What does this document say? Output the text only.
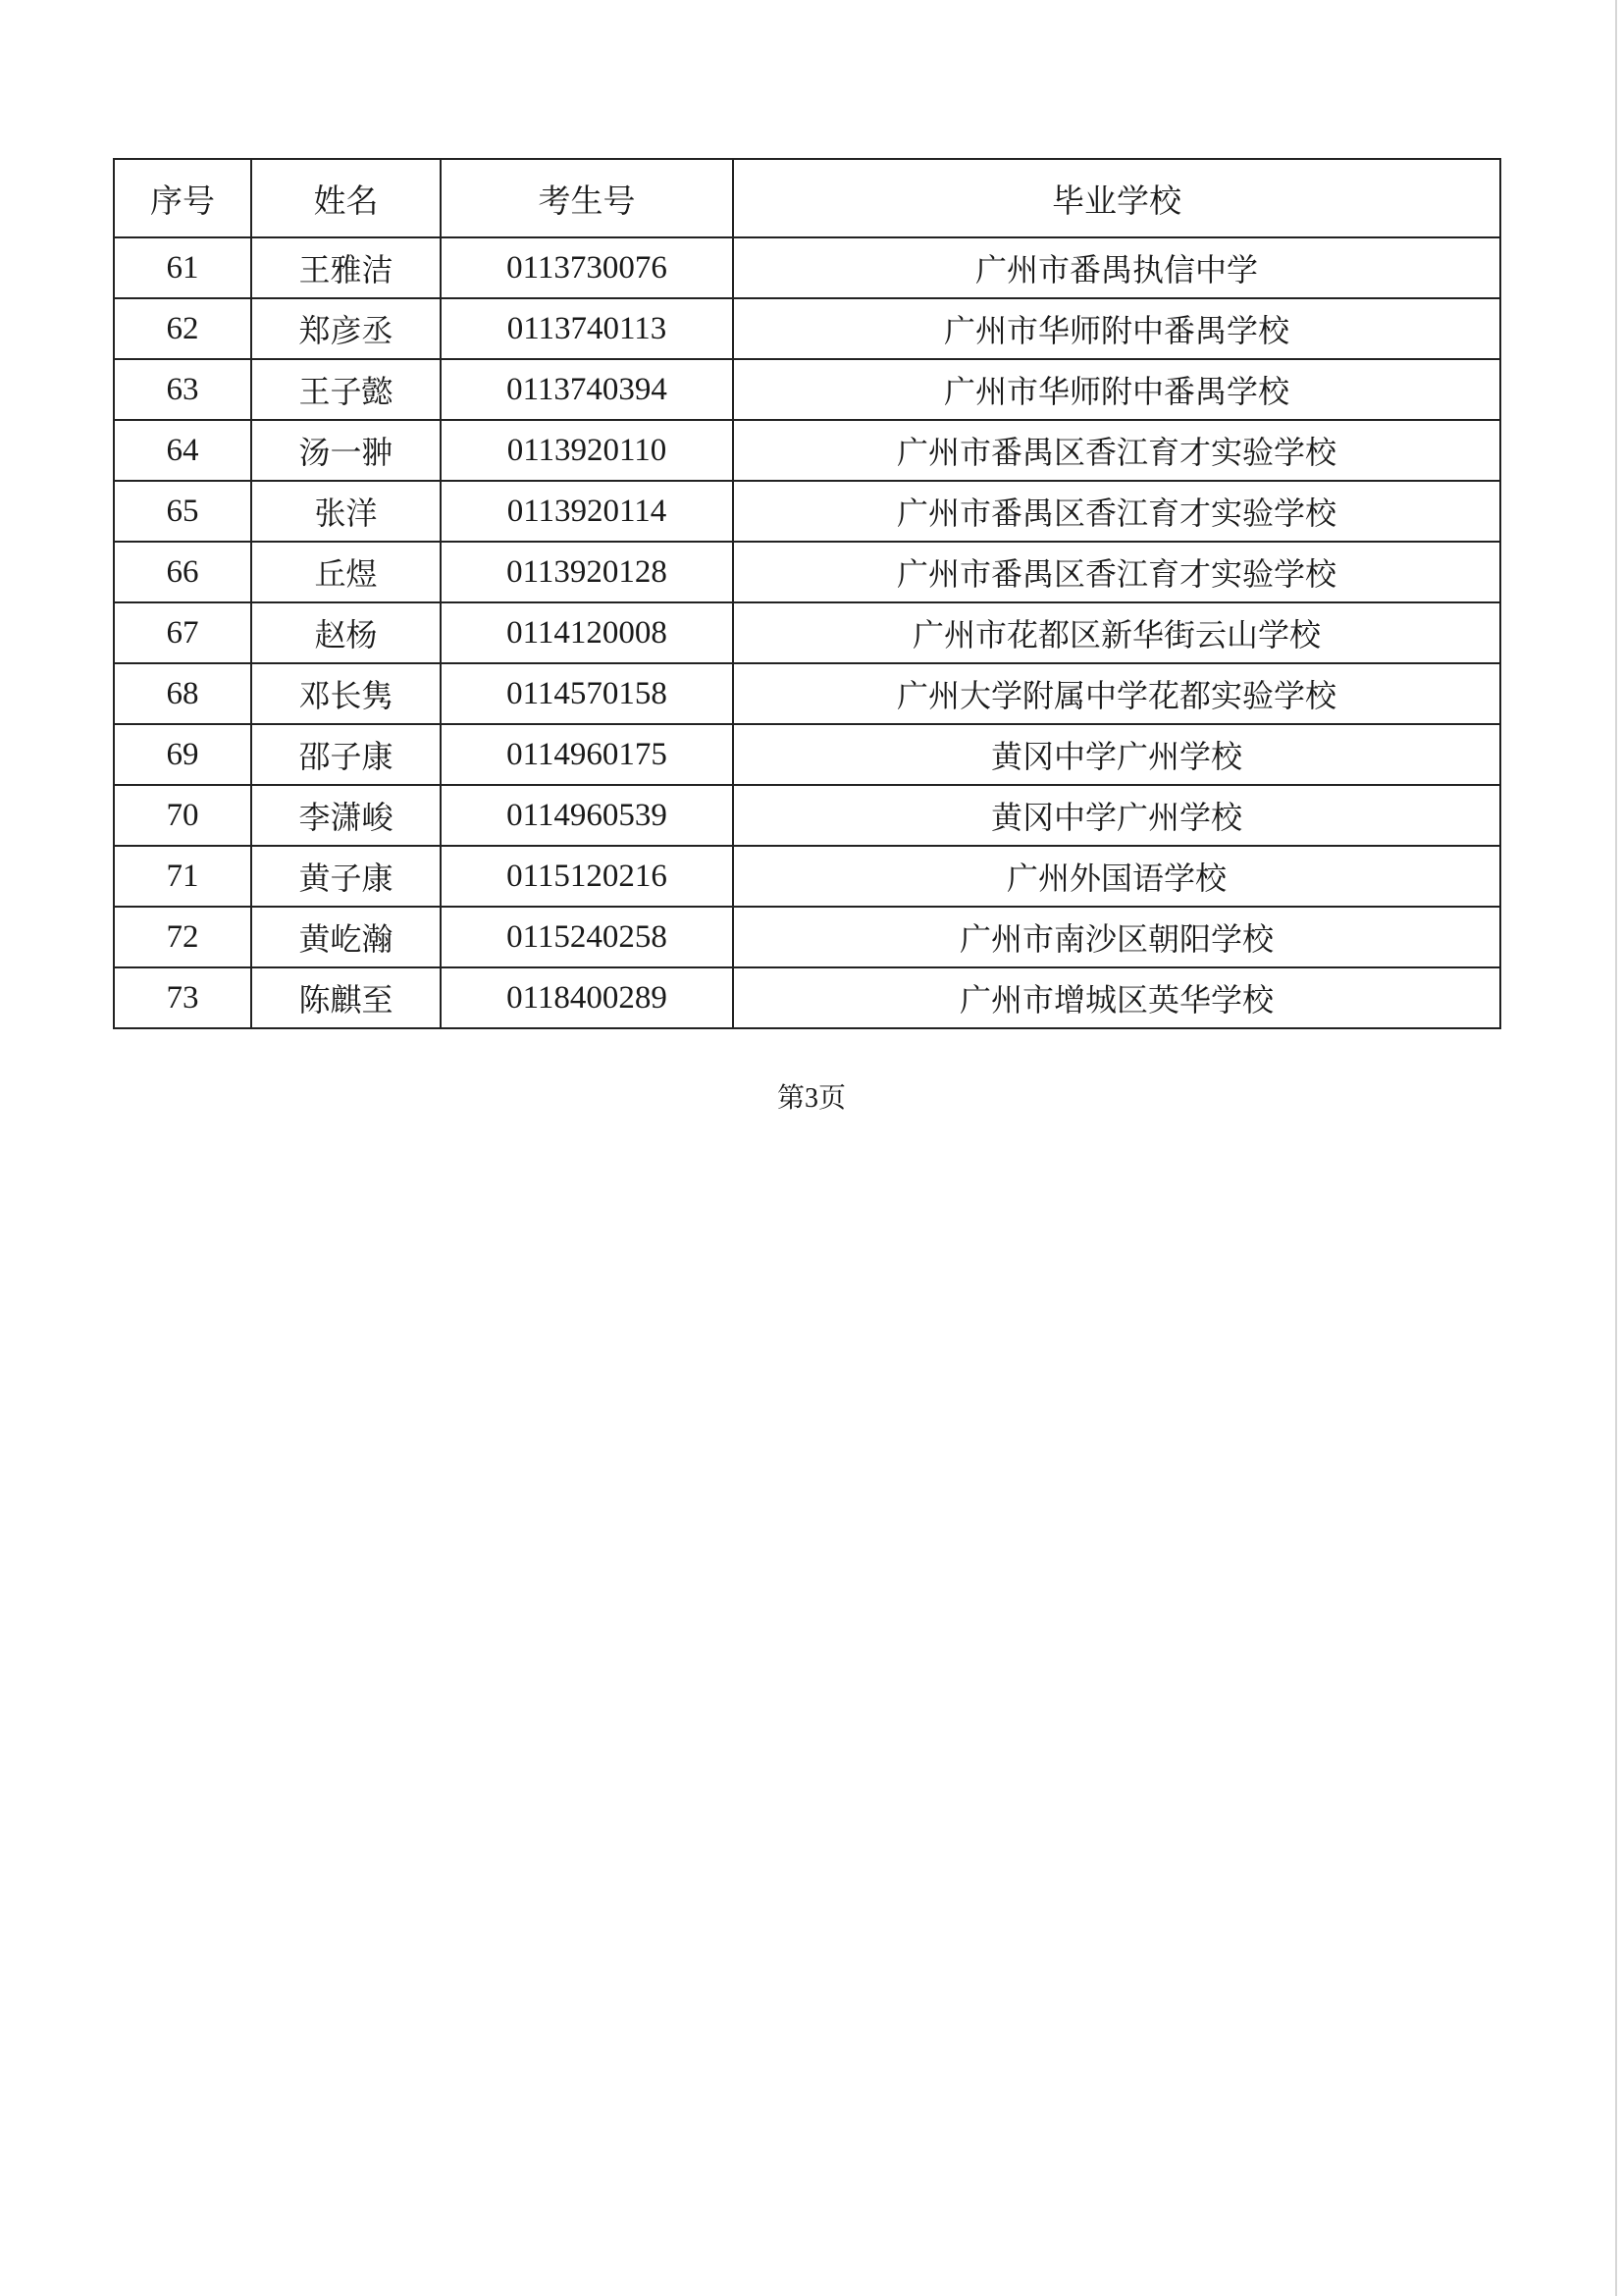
序号	姓名	考生号	毕业学校
61	王雅洁	0113730076	广州市番禺执信中学
62	郑彦丞	0113740113	广州市华师附中番禺学校
63	王子懿	0113740394	广州市华师附中番禺学校
64	汤一翀	0113920110	广州市番禺区香江育才实验学校
65	张洋	0113920114	广州市番禺区香江育才实验学校
66	丘煜	0113920128	广州市番禺区香江育才实验学校
67	赵杨	0114120008	广州市花都区新华街云山学校
68	邓长隽	0114570158	广州大学附属中学花都实验学校
69	邵子康	0114960175	黄冈中学广州学校
70	李潇峻	0114960539	黄冈中学广州学校
71	黄子康	0115120216	广州外国语学校
72	黄屹瀚	0115240258	广州市南沙区朝阳学校
73	陈麒至	0118400289	广州市增城区英华学校
第3页
